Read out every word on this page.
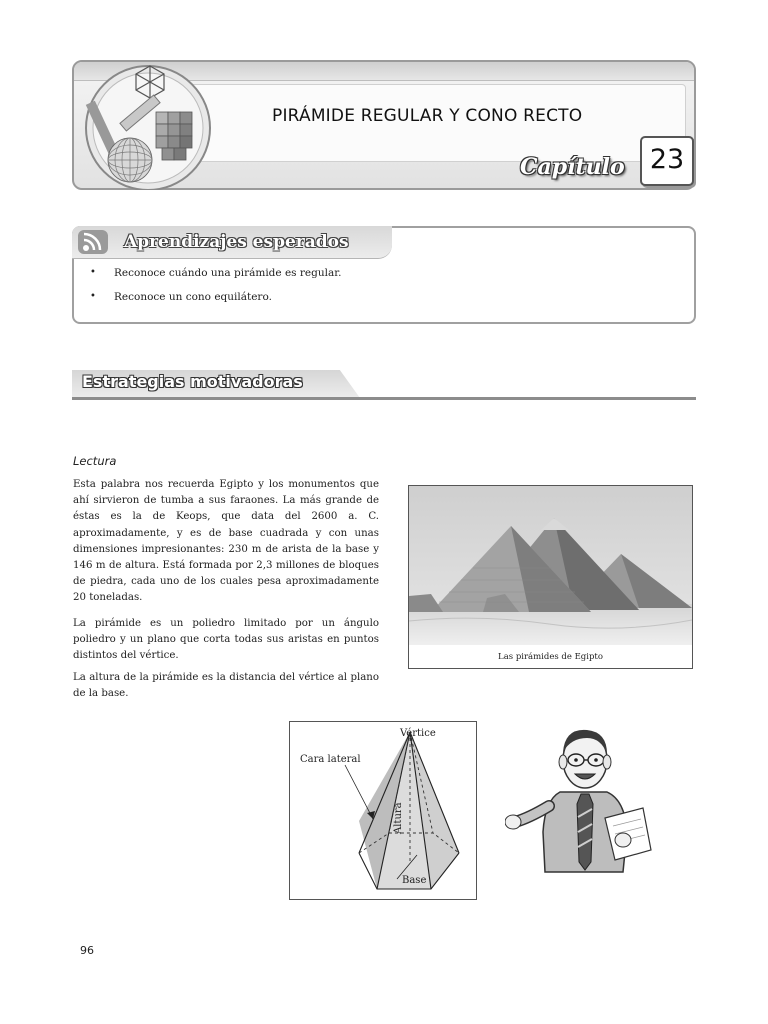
PIRÁMIDE REGULAR Y CONO RECTO
Capítulo 23
Aprendizajes esperados
• Reconoce cuándo una pirámide es regular.
• Reconoce un cono equilátero.
Estrategias motivadoras
Lectura

Esta palabra nos recuerda Egipto y los monumentos que ahí sirvieron de tumba a sus faraones. La más grande de éstas es la de Keops, que data del 2600 a. C. aproximadamente, y es de base cuadrada y con unas dimensiones impresionantes: 230 m de arista de la base y 146 m de altura. Está formada por 2,3 millones de bloques de piedra, cada uno de los cuales pesa aproximadamente 20 toneladas.

La pirámide es un poliedro limitado por un ángulo poliedro y un plano que corta todas sus aristas en puntos distintos del vértice.

La altura de la pirámide es la distancia del vértice al plano de la base.

Las pirámides de Egipto
Vértice
Cara lateral
Altura
Base
96
